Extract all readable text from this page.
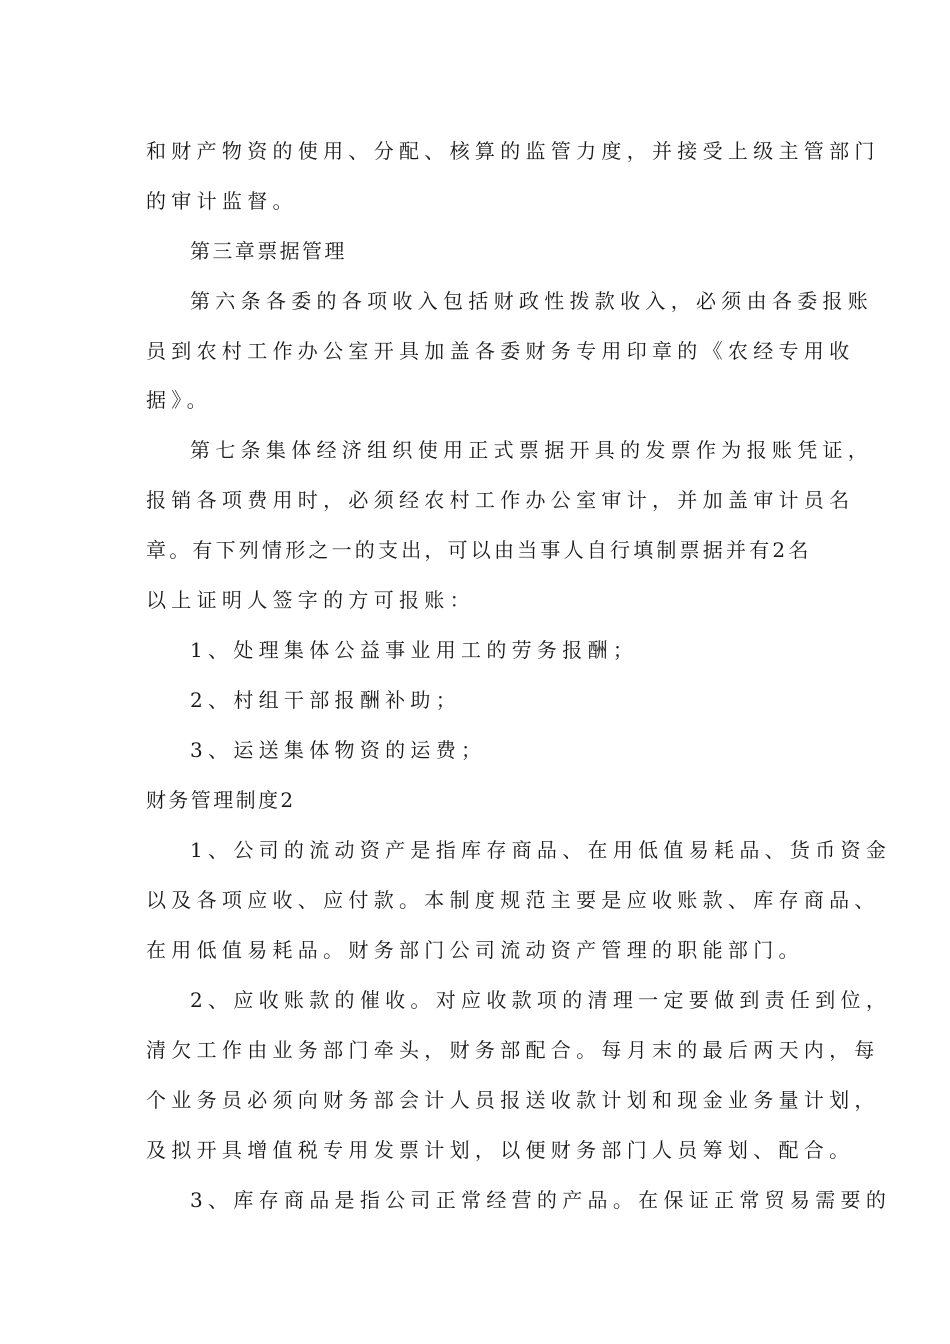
和财产物资的使用、分配、核算的监管力度，并接受上级主管部门
的审计监督。
第三章票据管理
第六条各委的各项收入包括财政性拨款收入，必须由各委报账
员到农村工作办公室开具加盖各委财务专用印章的《农经专用收
据》。
第七条集体经济组织使用正式票据开具的发票作为报账凭证，
报销各项费用时，必须经农村工作办公室审计，并加盖审计员名
章。有下列情形之一的支出，可以由当事人自行填制票据并有2名
以上证明人签字的方可报账：
1、处理集体公益事业用工的劳务报酬；
2、村组干部报酬补助；
3、运送集体物资的运费；
财务管理制度2
1、公司的流动资产是指库存商品、在用低值易耗品、货币资金
以及各项应收、应付款。本制度规范主要是应收账款、库存商品、
在用低值易耗品。财务部门公司流动资产管理的职能部门。
2、应收账款的催收。对应收款项的清理一定要做到责任到位，
清欠工作由业务部门牵头，财务部配合。每月末的最后两天内，每
个业务员必须向财务部会计人员报送收款计划和现金业务量计划，
及拟开具增值税专用发票计划，以便财务部门人员筹划、配合。
3、库存商品是指公司正常经营的产品。在保证正常贸易需要的
